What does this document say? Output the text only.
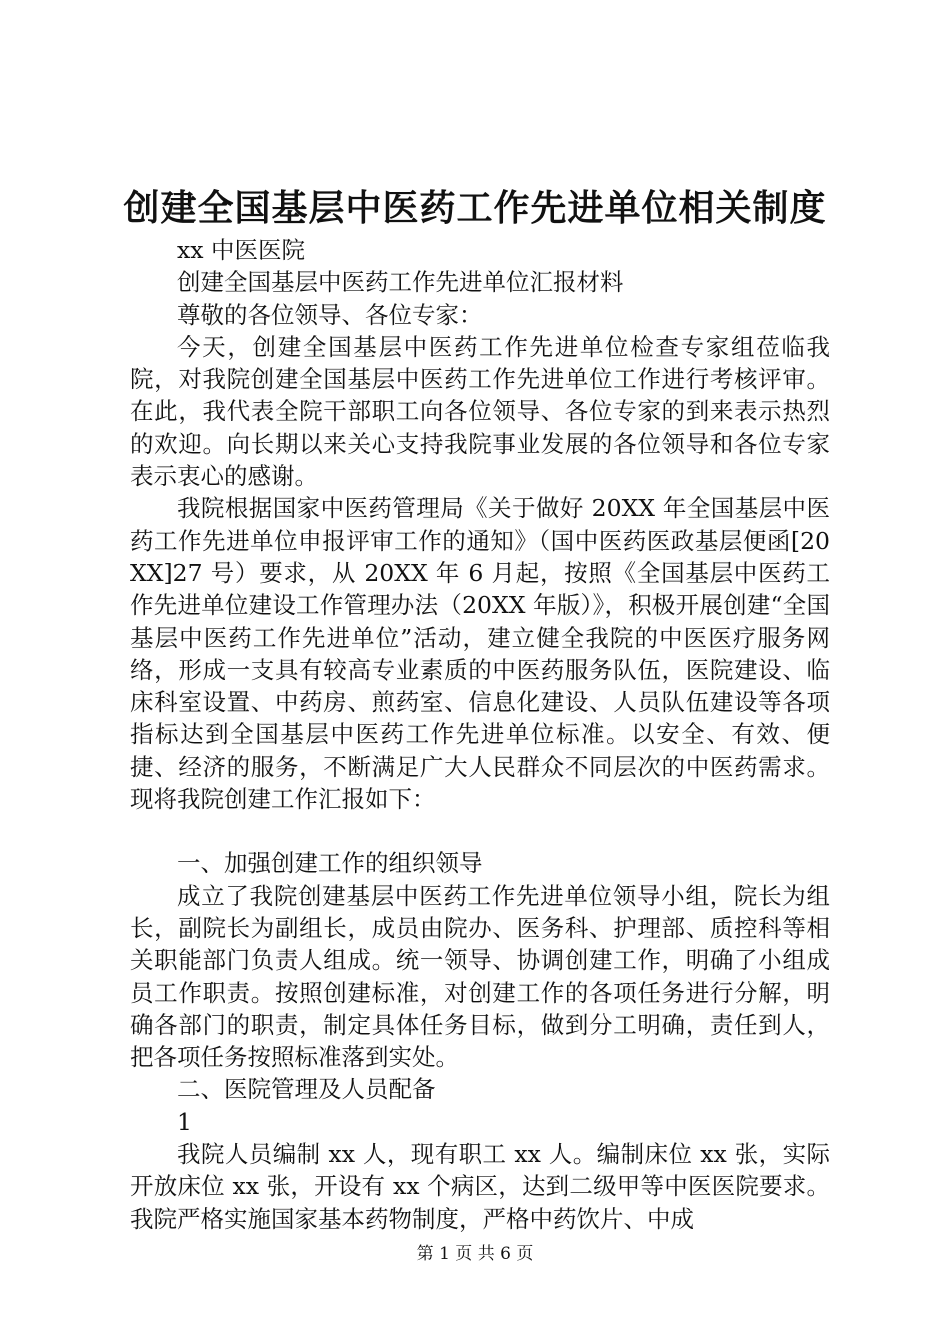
创建全国基层中医药工作先进单位相关制度

xx 中医医院

创建全国基层中医药工作先进单位汇报材料

尊敬的各位领导、各位专家：

今天，创建全国基层中医药工作先进单位检查专家组莅临我院，对我院创建全国基层中医药工作先进单位工作进行考核评审。在此，我代表全院干部职工向各位领导、各位专家的到来表示热烈的欢迎。向长期以来关心支持我院事业发展的各位领导和各位专家表示衷心的感谢。

我院根据国家中医药管理局《关于做好 20XX 年全国基层中医药工作先进单位申报评审工作的通知》（国中医药医政基层便函[20XX]27 号）要求，从 20XX 年 6 月起，按照《全国基层中医药工作先进单位建设工作管理办法（20XX 年版）》，积极开展创建“全国基层中医药工作先进单位”活动，建立健全我院的中医医疗服务网络，形成一支具有较高专业素质的中医药服务队伍，医院建设、临床科室设置、中药房、煎药室、信息化建设、人员队伍建设等各项指标达到全国基层中医药工作先进单位标准。以安全、有效、便捷、经济的服务，不断满足广大人民群众不同层次的中医药需求。现将我院创建工作汇报如下：

一、加强创建工作的组织领导

成立了我院创建基层中医药工作先进单位领导小组，院长为组长，副院长为副组长，成员由院办、医务科、护理部、质控科等相关职能部门负责人组成。统一领导、协调创建工作，明确了小组成员工作职责。按照创建标准，对创建工作的各项任务进行分解，明确各部门的职责，制定具体任务目标，做到分工明确，责任到人，把各项任务按照标准落到实处。

二、医院管理及人员配备

1

我院人员编制 xx 人，现有职工 xx 人。编制床位 xx 张，实际开放床位 xx 张，开设有 xx 个病区，达到二级甲等中医医院要求。我院严格实施国家基本药物制度，严格中药饮片、中成

第 1 页 共 6 页
